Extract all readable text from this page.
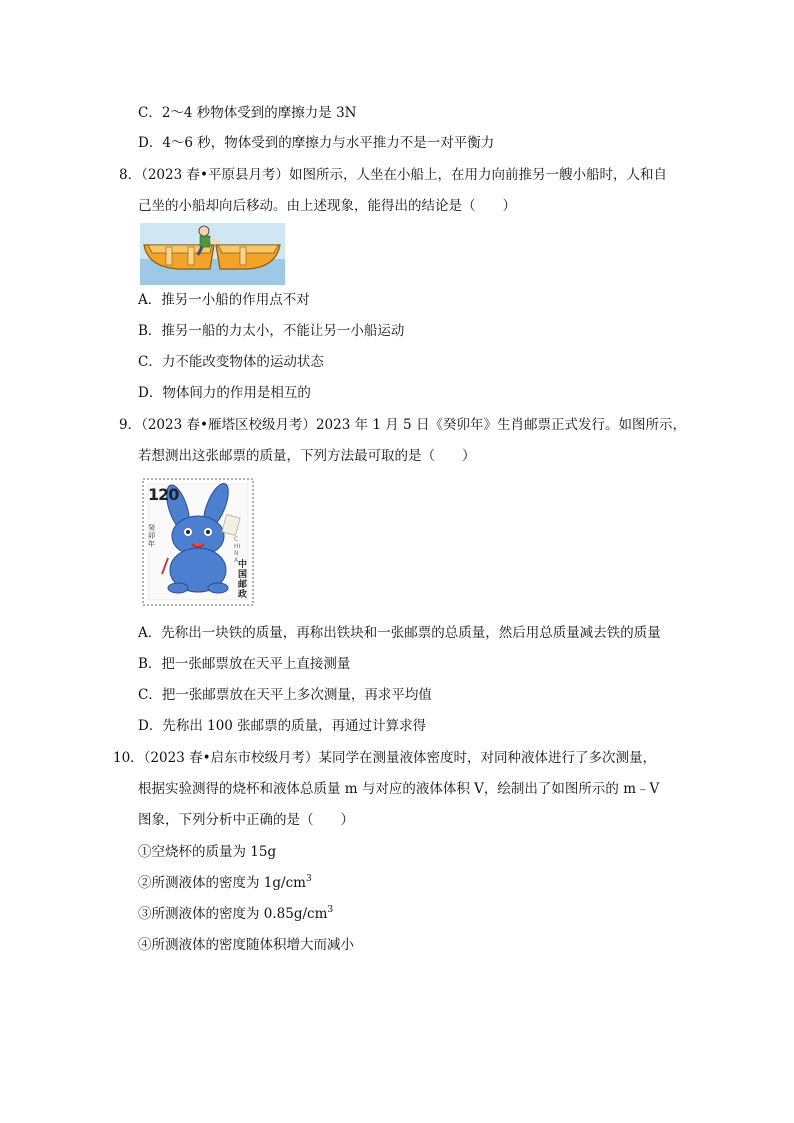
C．2～4 秒物体受到的摩擦力是 3N
D．4～6 秒，物体受到的摩擦力与水平推力不是一对平衡力
8．（2023 春•平原县月考）如图所示，人坐在小船上，在用力向前推另一艘小船时，人和自
己坐的小船却向后移动。由上述现象，能得出的结论是（　　）
A．推另一小船的作用点不对
B．推另一船的力太小，不能让另一小船运动
C．力不能改变物体的运动状态
D．物体间力的作用是相互的
9．（2023 春•雁塔区校级月考）2023 年 1 月 5 日《癸卯年》生肖邮票正式发行。如图所示，
若想测出这张邮票的质量，下列方法最可取的是（　　）
120
癸卯年
CHINA 中国邮政
A．先称出一块铁的质量，再称出铁块和一张邮票的总质量，然后用总质量减去铁的质量
B．把一张邮票放在天平上直接测量
C．把一张邮票放在天平上多次测量，再求平均值
D．先称出 100 张邮票的质量，再通过计算求得
10．（2023 春•启东市校级月考）某同学在测量液体密度时，对同种液体进行了多次测量，
根据实验测得的烧杯和液体总质量 m 与对应的液体体积 V，绘制出了如图所示的 m﹣V
图象，下列分析中正确的是（　　）
①空烧杯的质量为 15g
②所测液体的密度为 $1g/cm^3$
③所测液体的密度为 $0.85g/cm^3$
④所测液体的密度随体积增大而减小
